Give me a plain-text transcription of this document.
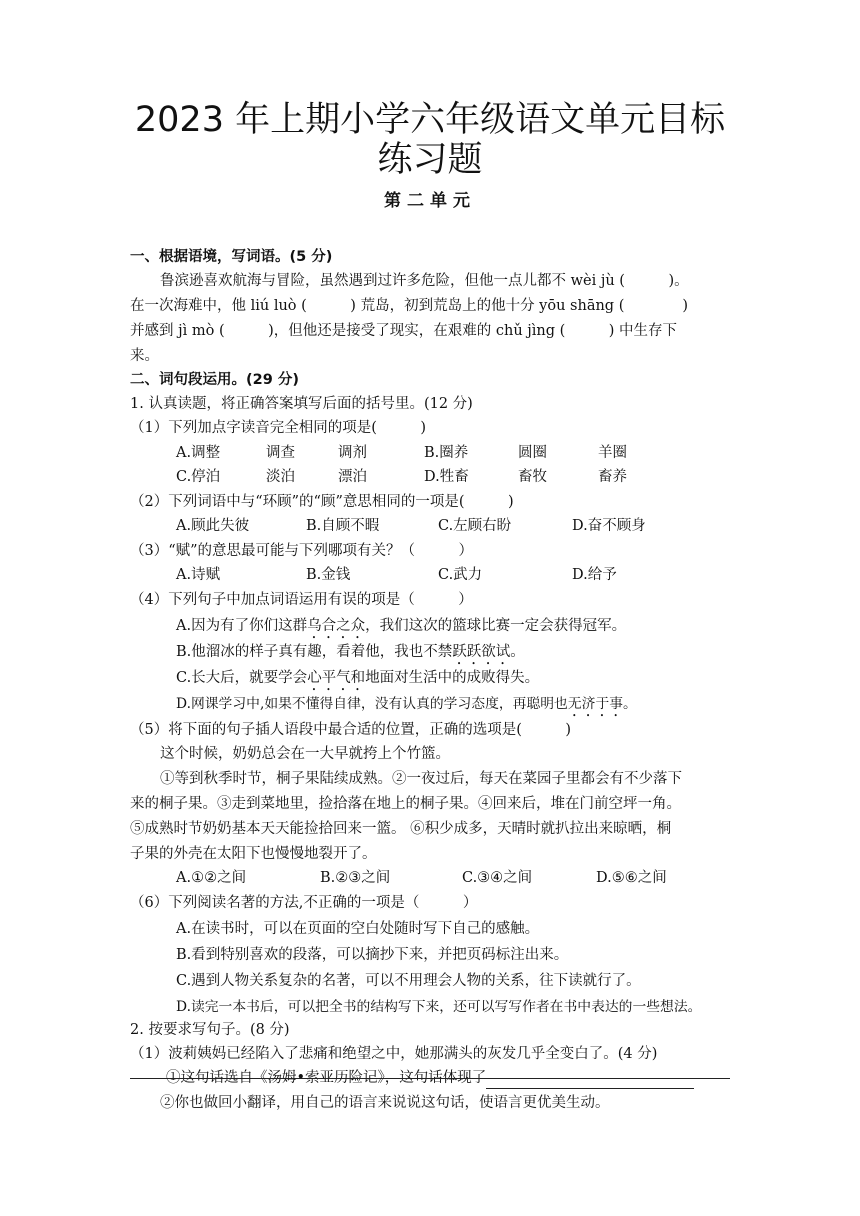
2023 年上期小学六年级语文单元目标练习题
第二单元
一、根据语境，写词语。(5 分)
鲁滨逊喜欢航海与冒险，虽然遇到过许多危险，但他一点儿都不 wèi jù (　　　)。
在一次海难中，他 liú luò (　　　) 荒岛，初到荒岛上的他十分 yōu shāng (　　　　)
并感到 jì mò (　　　)，但他还是接受了现实，在艰难的 chǔ jìng (　　　) 中生存下
来。
二、词句段运用。(29 分)
1. 认真读题，将正确答案填写后面的括号里。(12 分)
（1）下列加点字读音完全相同的项是(　　　)
A.调整	调查	调剂	B.圈养	圆圈	羊圈
C.停泊	淡泊	漂泊	D.牲畜	畜牧	畜养
（2）下列词语中与“环顾”的“顾”意思相同的一项是(　　　)
A.顾此失彼	B.自顾不暇	C.左顾右盼	D.奋不顾身
（3）“赋”的意思最可能与下列哪项有关？（　　　）
A.诗赋	B.金钱	C.武力	D.给予
（4）下列句子中加点词语运用有误的项是（　　　）
A.因为有了你们这群乌合之众，我们这次的篮球比赛一定会获得冠军。
B.他溜冰的样子真有趣，看着他，我也不禁跃跃欲试。
C.长大后，就要学会心平气和地面对生活中的成败得失。
D.网课学习中,如果不懂得自律，没有认真的学习态度，再聪明也无济于事。
（5）将下面的句子插人语段中最合适的位置，正确的选项是(　　　)
这个时候，奶奶总会在一大早就挎上个竹篮。
①等到秋季时节，桐子果陆续成熟。②一夜过后，每天在菜园子里都会有不少落下
来的桐子果。③走到菜地里，捡拾落在地上的桐子果。④回来后，堆在门前空坪一角。
⑤成熟时节奶奶基本天天能捡拾回来一篮。 ⑥积少成多，天晴时就扒拉出来晾晒，桐
子果的外壳在太阳下也慢慢地裂开了。
A.①②之间	B.②③之间	C.③④之间	D.⑤⑥之间
（6）下列阅读名著的方法,不正确的一项是（　　　）
A.在读书时，可以在页面的空白处随时写下自己的感触。
B.看到特别喜欢的段落，可以摘抄下来，并把页码标注出来。
C.遇到人物关系复杂的名著，可以不用理会人物的关系，往下读就行了。
D.读完一本书后，可以把全书的结构写下来，还可以写写作者在书中表达的一些想法。
2. 按要求写句子。(8 分)
（1）波莉姨妈已经陷入了悲痛和绝望之中，她那满头的灰发几乎全变白了。(4 分)
①这句话选自《汤姆•索亚历险记》，这句话体现了
②你也做回小翻译，用自己的语言来说说这句话，使语言更优美生动。
